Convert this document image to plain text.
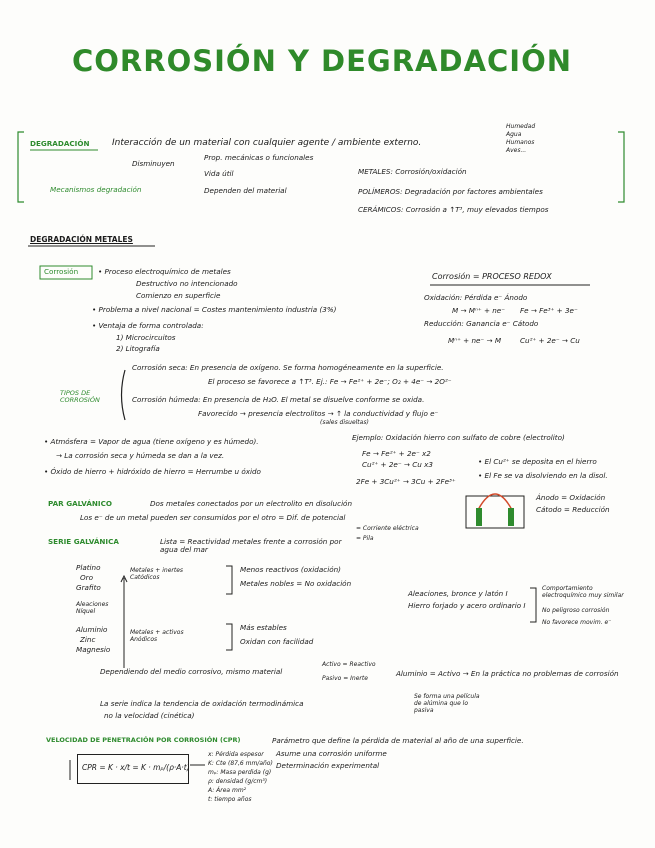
CORROSIÓN Y DEGRADACIÓN
DEGRADACIÓN	Interacción de un material con cualquier agente / ambiente externo.
Humedad
Agua
Humanos
Aves...
Disminuyen
Prop. mecánicas o funcionales
Vida útil
Mecanismos degradación	Dependen del material
METALES: Corrosión/oxidación
POLÍMEROS: Degradación por factores ambientales
CERÁMICOS: Corrosión a ↑T³, muy elevados tiempos
DEGRADACIÓN METALES
Corrosión	• Proceso electroquímico de metales
Destructivo no intencionado
Comienzo en superficie
• Problema a nivel nacional = Costes mantenimiento industria (3%)
• Ventaja de forma controlada:
1) Microcircuitos
2) Litografía
Corrosión = PROCESO REDOX
Oxidación: Pérdida e⁻ Ánodo
M → Mⁿ⁺ + ne⁻ Fe → Fe³⁺ + 3e⁻
Reducción: Ganancia e⁻ Cátodo
Mⁿ⁺ + ne⁻ → M	Cu²⁺ + 2e⁻ → Cu
TIPOS DE CORROSIÓN
Corrosión seca: En presencia de oxígeno. Se forma homogéneamente en la superficie.
El proceso se favorece a ↑T³. Ej.: Fe → Fe²⁺ + 2e⁻; O₂ + 4e⁻ → 2O²⁻
Corrosión húmeda: En presencia de H₂O. El metal se disuelve conforme se oxida.
Favorecido → presencia electrolitos → ↑ la conductividad y flujo e⁻
(sales disueltas)
• Atmósfera = Vapor de agua (tiene oxígeno y es húmedo).
→ La corrosión seca y húmeda se dan a la vez.
• Óxido de hierro + hidróxido de hierro = Herrumbe u óxido
Ejemplo: Oxidación hierro con sulfato de cobre (electrolito)
Fe → Fe²⁺ + 2e⁻ x2
Cu²⁺ + 2e⁻ → Cu x3
2Fe + 3Cu²⁺ → 3Cu + 2Fe³⁺
• El Cu²⁺ se deposita en el hierro
• El Fe se va disolviendo en la disol.
Ánodo = Oxidación
Cátodo = Reducción
PAR GALVÁNICO	Dos metales conectados por un electrolito en disolución
Los e⁻ de un metal pueden ser consumidos por el otro = Dif. de potencial
= Corriente eléctrica
= Pila
SERIE GALVÁNICA	Lista = Reactividad metales frente a corrosión por agua del mar
Platino
Oro
Grafito
Aleaciones Níquel
Metales + inertes Catódicos
Menos reactivos (oxidación)
Metales nobles = No oxidación
Aluminio
Zinc
Magnesio
Metales + activos Anódicos
Más estables
Oxidan con facilidad
Aleaciones, bronce y latón I
Hierro forjado y acero ordinario I
Comportamiento electroquímico muy similar
No peligroso corrosión
No favorece movim. e⁻
Dependiendo del medio corrosivo, mismo material
Activo = Reactivo
Pasivo = Inerte
Aluminio = Activo → En la práctica no problemas de corrosión
Se forma una película de alúmina que lo pasiva
La serie indica la tendencia de oxidación termodinámica
no la velocidad (cinética)
VELOCIDAD DE PENETRACIÓN POR CORROSIÓN (CPR)	Parámetro que define la pérdida de material al año de una superficie.
CPR = K · x/t = K · mₚ/(ρ·A·t)
x: Pérdida espesor
K: Cte (87,6 mm/año)
mₚ: Masa perdida (g)
ρ: densidad (g/cm³)
A: Área mm²
t: tiempo años
Asume una corrosión uniforme
Determinación experimental
